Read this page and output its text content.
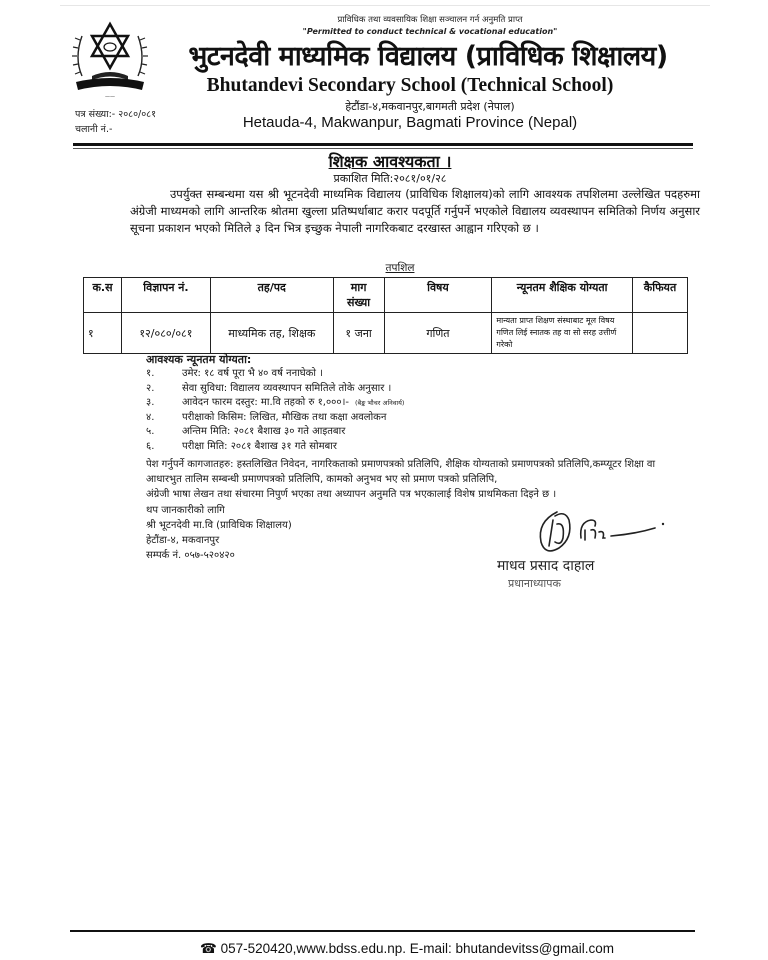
——
प्राविधिक तथा व्यवसायिक शिक्षा सञ्चालन गर्न अनुमति प्राप्त
"Permitted to conduct technical & vocational education"
भुटनदेवी माध्यमिक विद्यालय (प्राविधिक शिक्षालय)
Bhutandevi Secondary School (Technical School)
हेटौंडा-४,मकवानपुर,बागमती प्रदेश (नेपाल)
Hetauda-4, Makwanpur, Bagmati Province (Nepal)
पत्र संख्या:- २०८०/०८१
चलानी नं.-
शिक्षक आवश्यकता ।
प्रकाशित मिति:२०८१/०१/२८
उपर्युक्त सम्बन्धमा यस श्री भूटनदेवी माध्यमिक विद्यालय (प्राविधिक शिक्षालय)को लागि आवश्यक तपशिलमा उल्लेखित पदहरुमा अंग्रेजी माध्यमको लागि आन्तरिक श्रोतमा खुल्ला प्रतिष्पर्धाबाट करार पदपूर्ति गर्नुपर्ने भएकोले विद्यालय व्यवस्थापन समितिको निर्णय अनुसार सूचना प्रकाशन भएको मितिले ३ दिन भित्र इच्छुक नेपाली नागरिकबाट दरखास्त आह्वान गरिएको छ ।
तपशिल
क.स	विज्ञापन नं.	तह/पद	माग संख्या	विषय	न्यूनतम शैक्षिक योग्यता	कैफियत
१	१२/०८०/०८१	माध्यमिक तह, शिक्षक	१ जना	गणित	मान्यता प्राप्त शिक्षण संस्थाबाट मूल विषय गणित लिई स्नातक तह वा सो सरह उत्तीर्ण गरेको	
आवश्यक न्यूनतम योग्यता:
१.	उमेर: १८ वर्ष पूरा भै ४० वर्ष ननाघेको ।
२.	सेवा सुविधा: विद्यालय व्यवस्थापन समितिले तोके अनुसार ।
३.	आवेदन फारम दस्तुर: मा.वि तहको रु १,०००।- (बैङ्क भौचर अनिवार्य)
४.	परीक्षाको किसिम: लिखित, मौखिक तथा कक्षा अवलोकन
५.	अन्तिम मिति: २०८१ बैशाख ३० गते आइतबार
६.	परीक्षा मिति: २०८१ बैशाख ३१ गते सोमबार
पेश गर्नुपर्ने कागजातहरु: हस्तलिखित निवेदन, नागरिकताको प्रमाणपत्रको प्रतिलिपि, शैक्षिक योग्यताको प्रमाणपत्रको प्रतिलिपि,कम्प्यूटर शिक्षा वा आधारभुत तालिम सम्बन्धी प्रमाणपत्रको प्रतिलिपि, कामको अनुभव भए सो प्रमाण पत्रको प्रतिलिपि,
अंग्रेजी भाषा लेखन तथा संचारमा निपुर्ण भएका तथा अध्यापन अनुमति पत्र भएकालाई विशेष प्राथमिकता दिइने छ ।
थप जानकारीको लागि
श्री भूटनदेवी मा.वि (प्राविधिक शिक्षालय)
हेटौंडा-४, मकवानपुर
सम्पर्क नं. ०५७-५२०४२०
माधव प्रसाद दाहाल
प्रधानाध्यापक
☎ 057-520420,www.bdss.edu.np. E-mail: bhutandevitss@gmail.com
